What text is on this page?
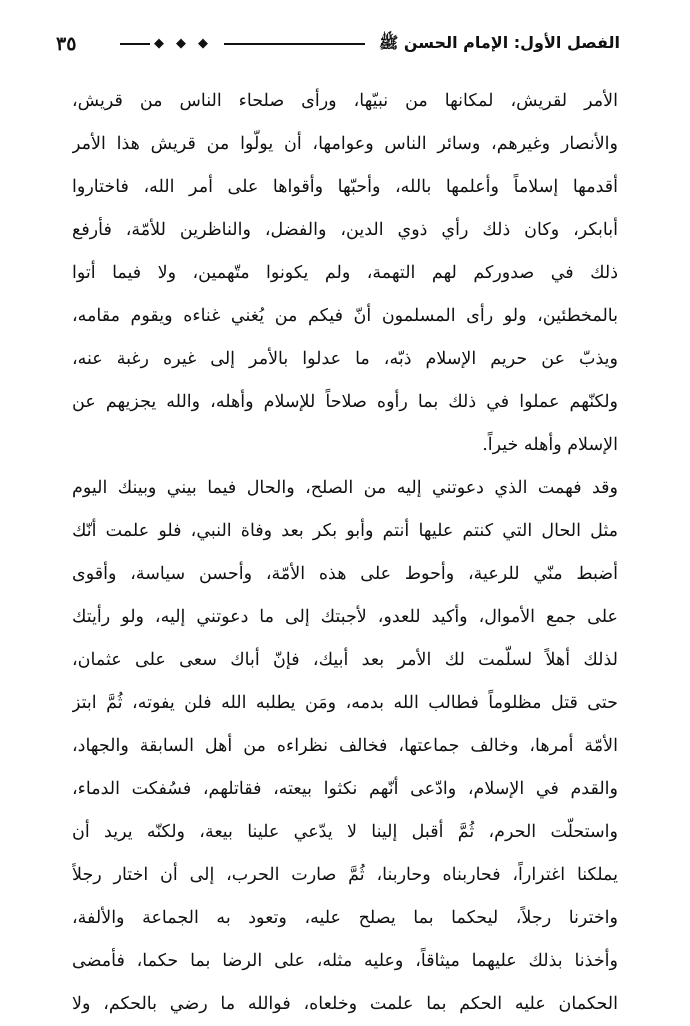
٣٥	◆◆◆	الفصل الأول: الإمام الحسن ﷺ

الأمر لقريش، لمكانها من نبيّها، ورأى صلحاء الناس من قريش،
والأنصار وغيرهم، وسائر الناس وعوامها، أن يولّوا من قريش هذا الأمر
أقدمها إسلاماً وأعلمها بالله، وأحبّها وأقواها على أمر الله، فاختاروا
أبابكر، وكان ذلك رأي ذوي الدين، والفضل، والناظرين للأمّة، فأرفع
ذلك في صدوركم لهم التهمة، ولم يكونوا متّهمين، ولا فيما أتوا
بالمخطئين، ولو رأى المسلمون أنّ فيكم من يُغني غناءه ويقوم مقامه،
ويذبّ عن حريم الإسلام ذبّه، ما عدلوا بالأمر إلى غيره رغبة عنه،
ولكنّهم عملوا في ذلك بما رأوه صلاحاً للإسلام وأهله، والله يجزيهم عن
الإسلام وأهله خيراً.

وقد فهمت الذي دعوتني إليه من الصلح، والحال فيما بيني وبينك اليوم
مثل الحال التي كنتم عليها أنتم وأبو بكر بعد وفاة النبي، فلو علمت أنّك
أضبط منّي للرعية، وأحوط على هذه الأمّة، وأحسن سياسة، وأقوى
على جمع الأموال، وأكيد للعدو، لأجبتك إلى ما دعوتني إليه، ولو رأيتك
لذلك أهلاً لسلّمت لك الأمر بعد أبيك، فإنّ أباك سعى على عثمان،
حتى قتل مظلوماً فطالب الله بدمه، ومَن يطلبه الله فلن يفوته، ثُمَّ ابتز
الأمّة أمرها، وخالف جماعتها، فخالف نظراءه من أهل السابقة والجهاد،
والقدم في الإسلام، وادّعى أنّهم نكثوا بيعته، فقاتلهم، فسُفكت الدماء،
واستحلّت الحرم، ثُمَّ أقبل إلينا لا يدّعي علينا بيعة، ولكنّه يريد أن
يملكنا اغتراراً، فحاربناه وحاربنا، ثُمَّ صارت الحرب، إلى أن اختار رجلاً
واخترنا رجلاً، ليحكما بما يصلح عليه، وتعود به الجماعة والألفة،
وأخذنا بذلك عليهما ميثاقاً، وعليه مثله، على الرضا بما حكما، فأمضى
الحكمان عليه الحكم بما علمت وخلعاه، فوالله ما رضي بالحكم، ولا
